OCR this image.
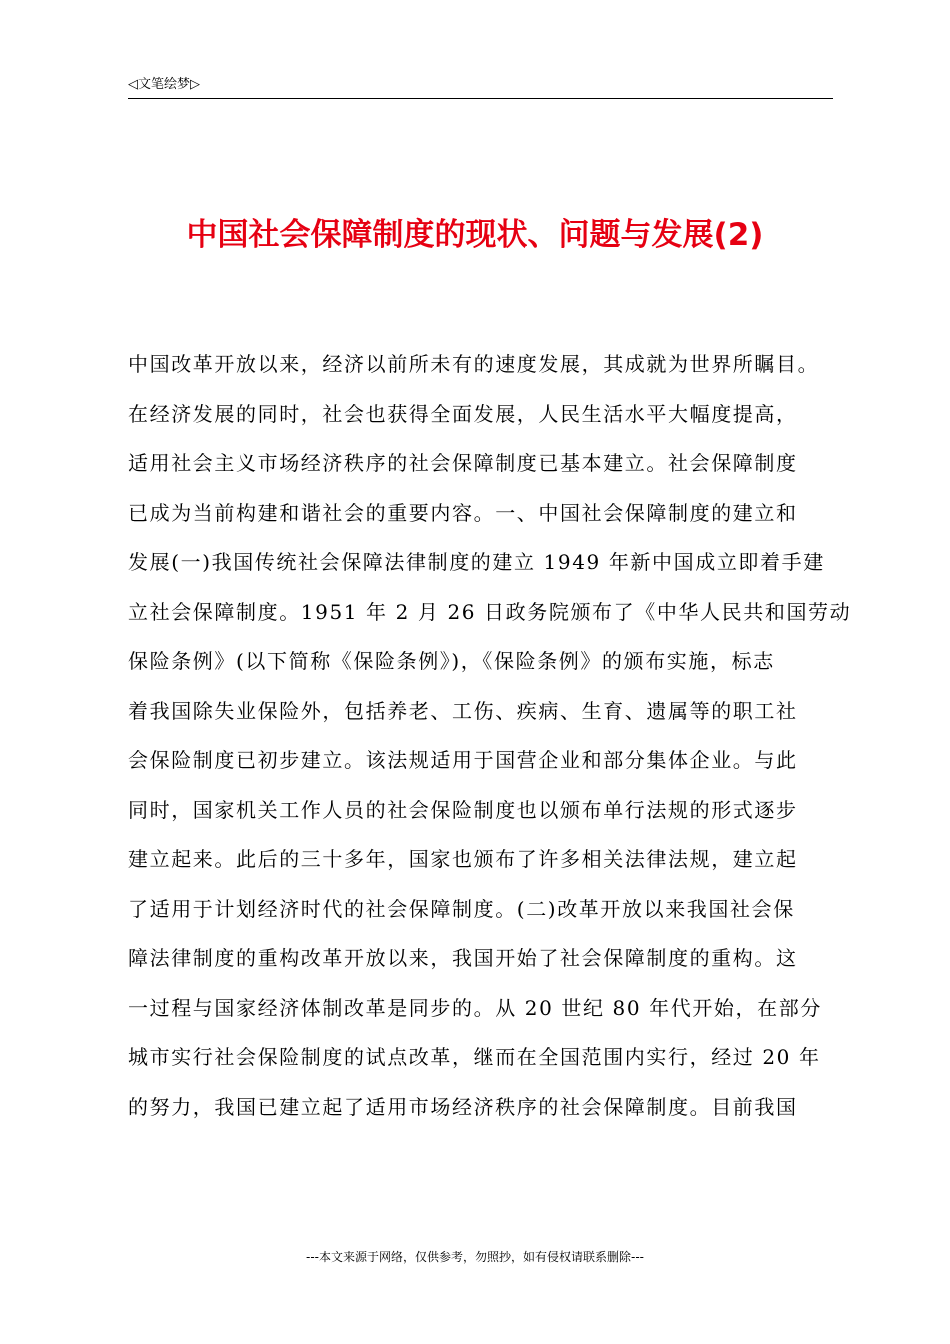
◁文笔绘梦▷
中国社会保障制度的现状、问题与发展(2)
中国改革开放以来，经济以前所未有的速度发展，其成就为世界所瞩目。
在经济发展的同时，社会也获得全面发展，人民生活水平大幅度提高，
适用社会主义市场经济秩序的社会保障制度已基本建立。社会保障制度
已成为当前构建和谐社会的重要内容。一、中国社会保障制度的建立和
发展(一)我国传统社会保障法律制度的建立 1949 年新中国成立即着手建
立社会保障制度。1951 年 2 月 26 日政务院颁布了《中华人民共和国劳动
保险条例》(以下简称《保险条例》)，《保险条例》的颁布实施，标志
着我国除失业保险外，包括养老、工伤、疾病、生育、遗属等的职工社
会保险制度已初步建立。该法规适用于国营企业和部分集体企业。与此
同时，国家机关工作人员的社会保险制度也以颁布单行法规的形式逐步
建立起来。此后的三十多年，国家也颁布了许多相关法律法规，建立起
了适用于计划经济时代的社会保障制度。(二)改革开放以来我国社会保
障法律制度的重构改革开放以来，我国开始了社会保障制度的重构。这
一过程与国家经济体制改革是同步的。从 20 世纪 80 年代开始，在部分
城市实行社会保险制度的试点改革，继而在全国范围内实行，经过 20 年
的努力，我国已建立起了适用市场经济秩序的社会保障制度。目前我国
---本文来源于网络，仅供参考，勿照抄，如有侵权请联系删除---
